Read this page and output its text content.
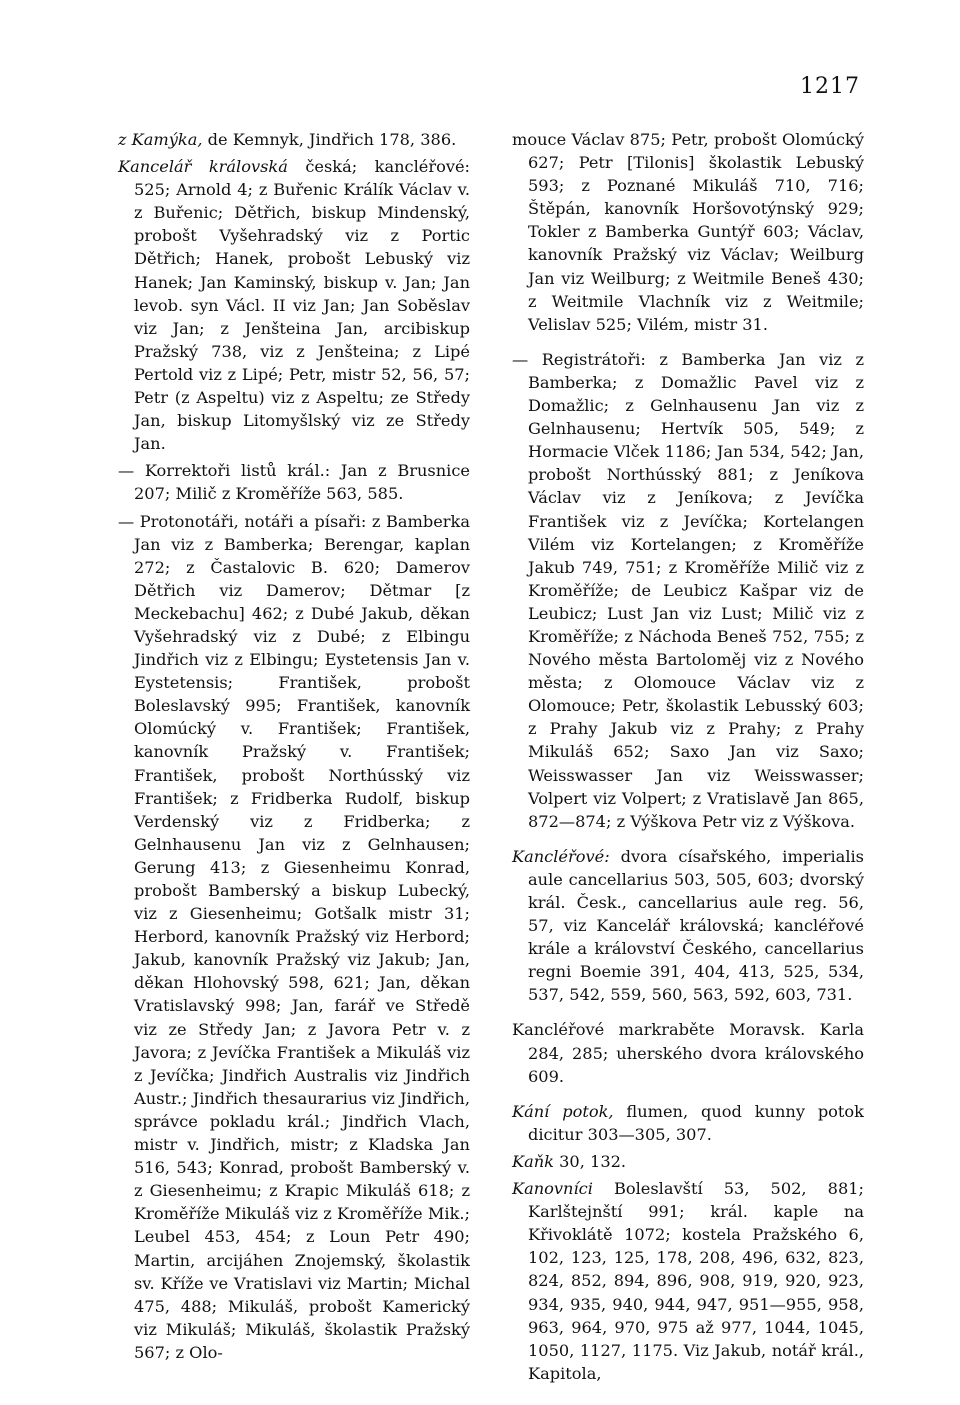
1217

z Kamýka, de Kemnyk, Jindřich 178, 386.

Kancelář královská česká; kancléřové: 525; Arnold 4; z Buřenic Králík Václav v. z Buřenic; Dětřich, biskup Mindenský, probošt Vyšehradský viz z Portic Dětřich; Hanek, probošt Lebuský viz Hanek; Jan Kaminský, biskup v. Jan; Jan levob. syn Václ. II viz Jan; Jan Soběslav viz Jan; z Jenšteina Jan, arcibiskup Pražský 738, viz z Jenšteina; z Lipé Pertold viz z Lipé; Petr, mistr 52, 56, 57; Petr (z Aspeltu) viz z Aspeltu; ze Středy Jan, biskup Litomyšlský viz ze Středy Jan.

— Korrektoři listů král.: Jan z Brusnice 207; Milič z Kroměříže 563, 585.

— Protonotáři, notáři a písaři: z Bamberka Jan viz z Bamberka; Berengar, kaplan 272; z Častalovic B. 620; Damerov Dětřich viz Damerov; Dětmar [z Meckebachu] 462; z Dubé Jakub, děkan Vyšehradský viz z Dubé; z Elbingu Jindřich viz z Elbingu; Eystetensis Jan v. Eystetensis; František, probošt Boleslavský 995; František, kanovník Olomúcký v. František; František, kanovník Pražský v. František; František, probošt Northússký viz František; z Fridberka Rudolf, biskup Verdenský viz z Fridberka; z Gelnhausenu Jan viz z Gelnhausen; Gerung 413; z Giesenheimu Konrad, probošt Bamberský a biskup Lubecký, viz z Giesenheimu; Gotšalk mistr 31; Herbord, kanovník Pražský viz Herbord; Jakub, kanovník Pražský viz Jakub; Jan, děkan Hlohovský 598, 621; Jan, děkan Vratislavský 998; Jan, farář ve Středě viz ze Středy Jan; z Javora Petr v. z Javora; z Jevíčka František a Mikuláš viz z Jevíčka; Jindřich Australis viz Jindřich Austr.; Jindřich thesaurarius viz Jindřich, správce pokladu král.; Jindřich Vlach, mistr v. Jindřich, mistr; z Kladska Jan 516, 543; Konrad, probošt Bamberský v. z Giesenheimu; z Krapic Mikuláš 618; z Kroměříže Mikuláš viz z Kroměříže Mik.; Leubel 453, 454; z Loun Petr 490; Martin, arcijáhen Znojemský, školastik sv. Kříže ve Vratislavi viz Martin; Michal 475, 488; Mikuláš, probošt Kamerický viz Mikuláš; Mikuláš, školastik Pražský 567; z Olo-

mouce Václav 875; Petr, probošt Olomúcký 627; Petr [Tilonis] školastik Lebuský 593; z Poznané Mikuláš 710, 716; Štěpán, kanovník Horšovotýnský 929; Tokler z Bamberka Guntýř 603; Václav, kanovník Pražský viz Václav; Weilburg Jan viz Weilburg; z Weitmile Beneš 430; z Weitmile Vlachník viz z Weitmile; Velislav 525; Vilém, mistr 31.

— Registrátoři: z Bamberka Jan viz z Bamberka; z Domažlic Pavel viz z Domažlic; z Gelnhausenu Jan viz z Gelnhausenu; Hertvík 505, 549; z Hormacie Vlček 1186; Jan 534, 542; Jan, probošt Northússký 881; z Jeníkova Václav viz z Jeníkova; z Jevíčka František viz z Jevíčka; Kortelangen Vilém viz Kortelangen; z Kroměříže Jakub 749, 751; z Kroměříže Milič viz z Kroměříže; de Leubicz Kašpar viz de Leubicz; Lust Jan viz Lust; Milič viz z Kroměříže; z Náchoda Beneš 752, 755; z Nového města Bartoloměj viz z Nového města; z Olomouce Václav viz z Olomouce; Petr, školastik Lebusský 603; z Prahy Jakub viz z Prahy; z Prahy Mikuláš 652; Saxo Jan viz Saxo; Weisswasser Jan viz Weisswasser; Volpert viz Volpert; z Vratislavě Jan 865, 872—874; z Výškova Petr viz z Výškova.

Kancléřové: dvora císařského, imperialis aule cancellarius 503, 505, 603; dvorský král. Česk., cancellarius aule reg. 56, 57, viz Kancelář královská; kancléřové krále a království Českého, cancellarius regni Boemie 391, 404, 413, 525, 534, 537, 542, 559, 560, 563, 592, 603, 731.

Kancléřové markraběte Moravsk. Karla 284, 285; uherského dvora královského 609.

Kání potok, flumen, quod kunny potok dicitur 303—305, 307.

Kaňk 30, 132.

Kanovníci Boleslavští 53, 502, 881; Karlštejnští 991; král. kaple na Křivoklátě 1072; kostela Pražského 6, 102, 123, 125, 178, 208, 496, 632, 823, 824, 852, 894, 896, 908, 919, 920, 923, 934, 935, 940, 944, 947, 951—955, 958, 963, 964, 970, 975 až 977, 1044, 1045, 1050, 1127, 1175. Viz Jakub, notář král., Kapitola,
